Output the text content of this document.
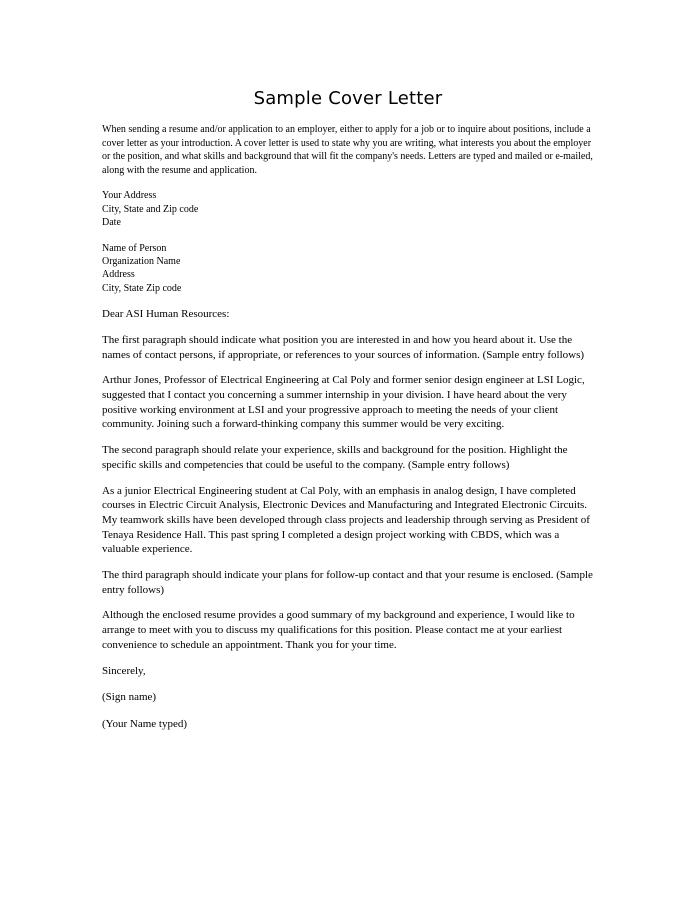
Sample Cover Letter

When sending a resume and/or application to an employer, either to apply for a job or to inquire about positions, include a cover letter as your introduction. A cover letter is used to state why you are writing, what interests you about the employer or the position, and what skills and background that will fit the company's needs. Letters are typed and mailed or e-mailed, along with the resume and application.

Your Address
City, State and Zip code
Date
Name of Person
Organization Name
Address
City, State Zip code

Dear ASI Human Resources:

The first paragraph should indicate what position you are interested in and how you heard about it. Use the names of contact persons, if appropriate, or references to your sources of information. (Sample entry follows)

Arthur Jones, Professor of Electrical Engineering at Cal Poly and former senior design engineer at LSI Logic, suggested that I contact you concerning a summer internship in your division. I have heard about the very positive working environment at LSI and your progressive approach to meeting the needs of your client community. Joining such a forward-thinking company this summer would be very exciting.

The second paragraph should relate your experience, skills and background for the position. Highlight the specific skills and competencies that could be useful to the company. (Sample entry follows)

As a junior Electrical Engineering student at Cal Poly, with an emphasis in analog design, I have completed courses in Electric Circuit Analysis, Electronic Devices and Manufacturing and Integrated Electronic Circuits. My teamwork skills have been developed through class projects and leadership through serving as President of Tenaya Residence Hall. This past spring I completed a design project working with CBDS, which was a valuable experience.

The third paragraph should indicate your plans for follow-up contact and that your resume is enclosed. (Sample entry follows)

Although the enclosed resume provides a good summary of my background and experience, I would like to arrange to meet with you to discuss my qualifications for this position. Please contact me at your earliest convenience to schedule an appointment. Thank you for your time.

Sincerely,

(Sign name)

(Your Name typed)
